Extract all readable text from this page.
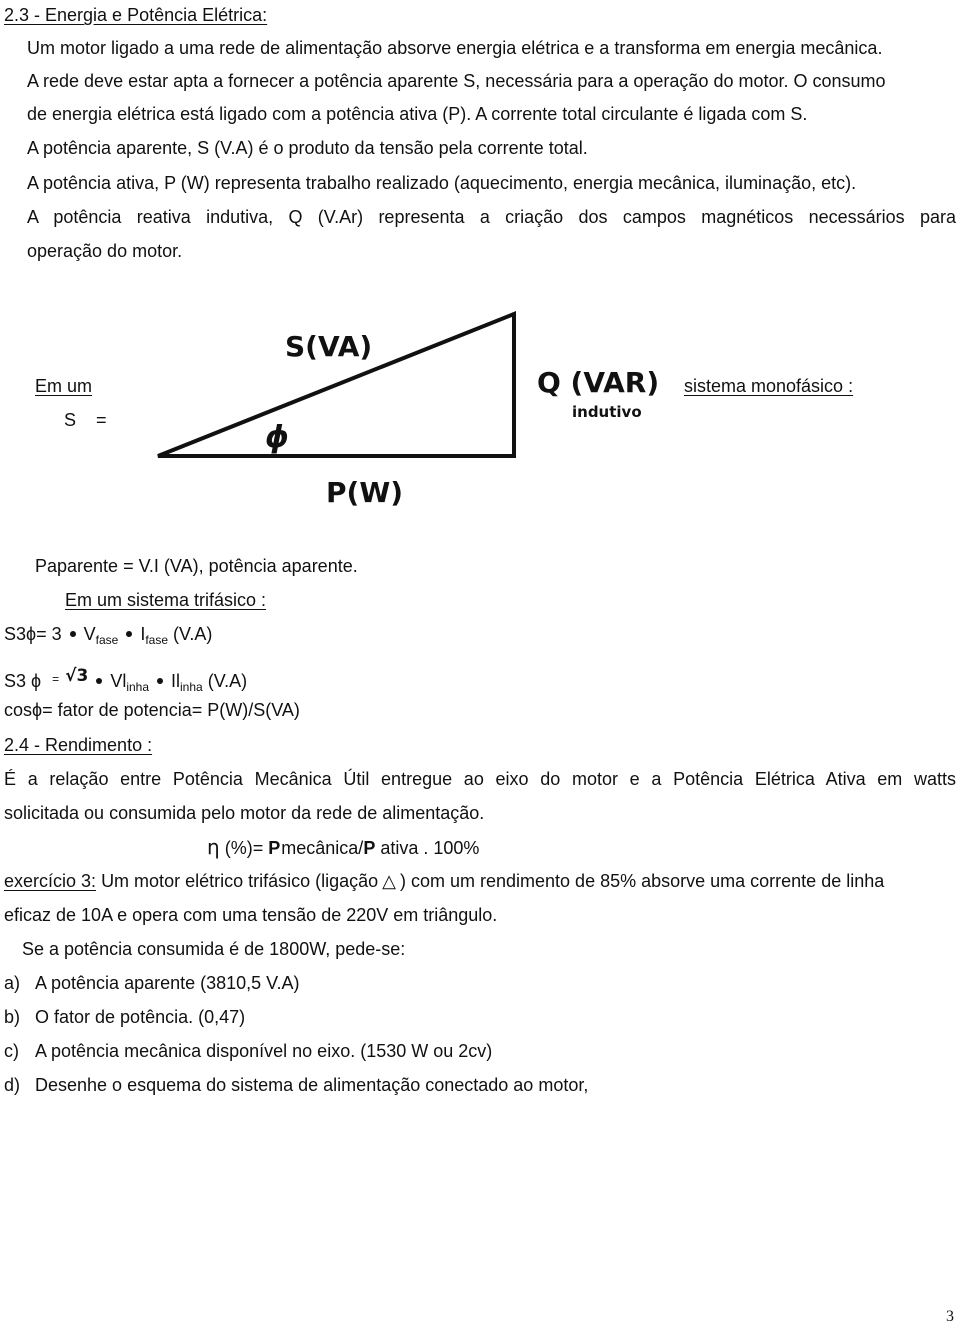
2.3 - Energia e Potência Elétrica:
Um motor ligado a uma rede de alimentação absorve energia elétrica e a transforma em energia mecânica.
A rede deve estar apta a fornecer a potência aparente S, necessária para a operação do motor. O consumo
de energia elétrica está ligado com a potência ativa (P). A corrente total circulante é ligada com S.
A potência aparente, S (V.A) é o produto da tensão pela corrente total.
A potência ativa, P (W) representa trabalho realizado (aquecimento, energia mecânica, iluminação, etc).
A potência reativa indutiva, Q (V.Ar) representa a criação dos campos magnéticos necessários para
operação do motor.
S(VA)
Q (VAR)
indutivo
ϕ
P(W)
Em um
S    =
sistema monofásico :
Paparente = V.I (VA), potência aparente.
Em um sistema trifásico :
S3ϕ= 3 $V_{fase}$ $I_{fase}$ (V.A)
S3 ϕ = √3 $Vl_{inha}$ $Il_{inha}$ (V.A)
cosϕ= fator de potencia= P(W)/S(VA)
2.4 - Rendimento :
É a relação entre Potência Mecânica Útil entregue ao eixo do motor e a Potência Elétrica Ativa em watts
solicitada ou consumida pelo motor da rede de alimentação.
η (%)= P mecânica/P ativa . 100%
exercício 3: Um motor elétrico trifásico (ligação △ ) com um rendimento de 85% absorve uma corrente de linha
eficaz de 10A e opera com uma tensão de 220V em triângulo.
Se a potência consumida é de 1800W, pede-se:
a) A potência aparente (3810,5 V.A)
b) O fator de potência. (0,47)
c) A potência mecânica disponível no eixo. (1530 W ou 2cv)
d) Desenhe o esquema do sistema de alimentação conectado ao motor,
3
